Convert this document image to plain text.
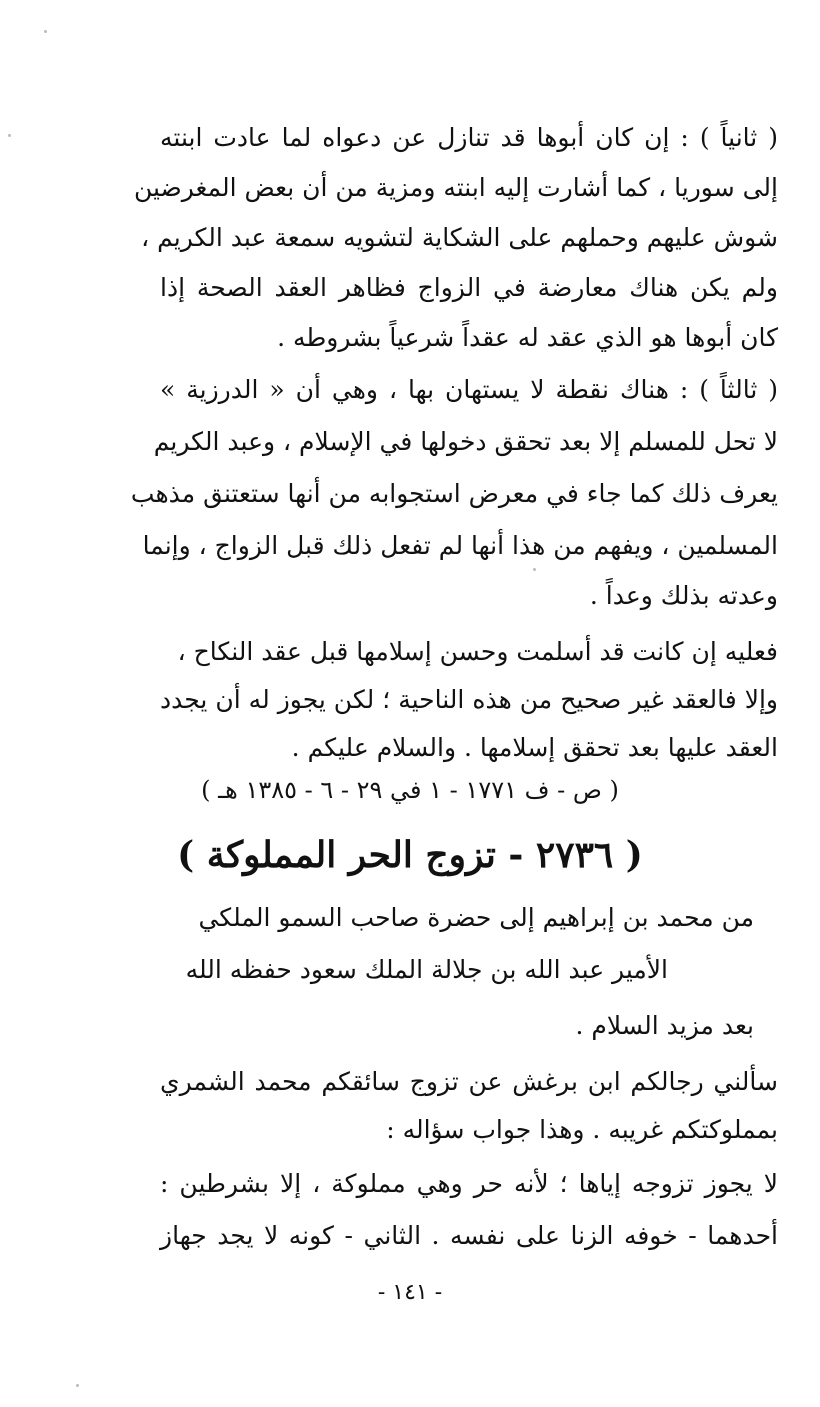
( ثانياً ) : إن كان أبوها قد تنازل عن دعواه لما عادت ابنته
إلى سوريا ، كما أشارت إليه ابنته ومزية من أن بعض المغرضين
شوش عليهم وحملهم على الشكاية لتشويه سمعة عبد الكريم ،
ولم يكن هناك معارضة في الزواج فظاهر العقد الصحة إذا
كان أبوها هو الذي عقد له عقداً شرعياً بشروطه .
( ثالثاً ) : هناك نقطة لا يستهان بها ، وهي أن « الدرزية »
لا تحل للمسلم إلا بعد تحقق دخولها في الإسلام ، وعبد الكريم
يعرف ذلك كما جاء في معرض استجوابه من أنها ستعتنق مذهب
المسلمين ، ويفهم من هذا أنها لم تفعل ذلك قبل الزواج ، وإنما
وعدته بذلك وعداً .
فعليه إن كانت قد أسلمت وحسن إسلامها قبل عقد النكاح ،
وإلا فالعقد غير صحيح من هذه الناحية ؛ لكن يجوز له أن يجدد
العقد عليها بعد تحقق إسلامها . والسلام عليكم .
( ص - ف ١٧٧١ - ١ في ٢٩ - ٦ - ١٣٨٥ هـ )
( ٢٧٣٦ - تزوج الحر المملوكة )
من محمد بن إبراهيم إلى حضرة صاحب السمو الملكي
الأمير عبد الله بن جلالة الملك سعود حفظه الله
بعد مزيد السلام .
سألني رجالكم ابن برغش عن تزوج سائقكم محمد الشمري
بمملوكتكم غريبه . وهذا جواب سؤاله :
لا يجوز تزوجه إياها ؛ لأنه حر وهي مملوكة ، إلا بشرطين :
أحدهما - خوفه الزنا على نفسه . الثاني - كونه لا يجد جهاز
- ١٤١ -
